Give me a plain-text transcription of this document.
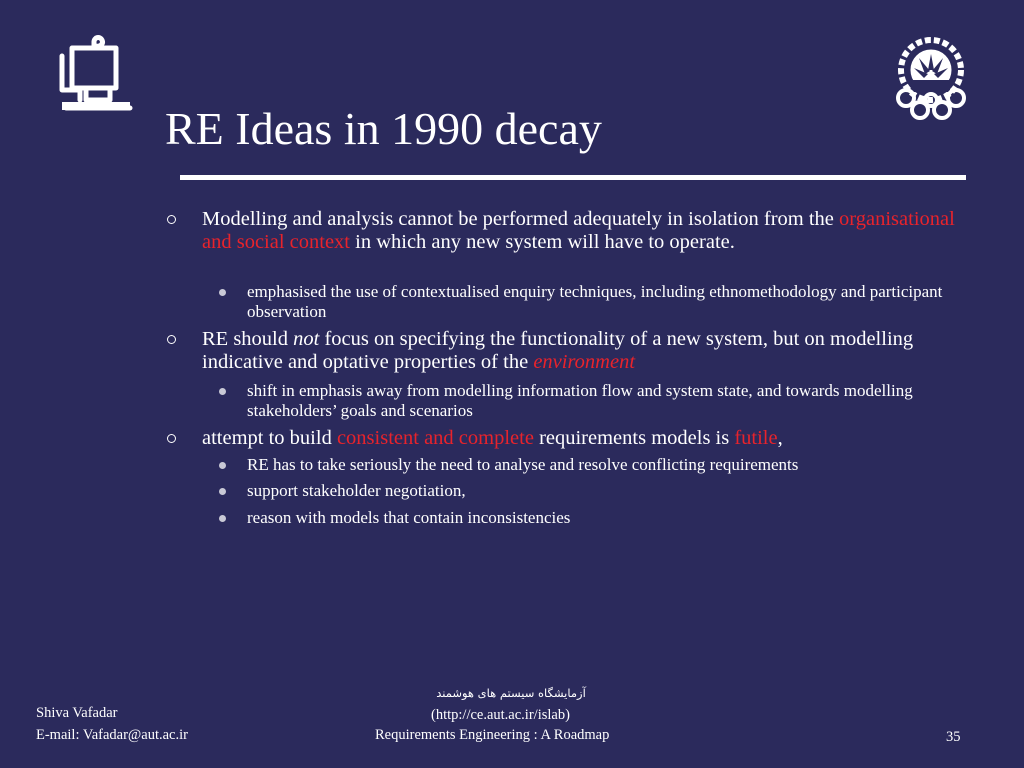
RE Ideas in 1990 decay
Modelling and analysis cannot be performed adequately in isolation from the organisational and social context in which any new system will have to operate.
emphasised the use of contextualised enquiry techniques, including ethnomethodology and participant observation
RE should not focus on specifying the functionality of a new system, but on modelling indicative and optative properties of the environment
shift in emphasis away from modelling information flow and system state, and towards modelling stakeholders’ goals and scenarios
attempt to build consistent and complete requirements models is futile,
RE has to take seriously the need to analyse and resolve conflicting requirements
support stakeholder negotiation,
reason with models that contain inconsistencies
Shiva Vafadar
E-mail: Vafadar@aut.ac.ir
آزمایشگاه سیستم های هوشمند
(http://ce.aut.ac.ir/islab)
Requirements Engineering : A Roadmap	35
